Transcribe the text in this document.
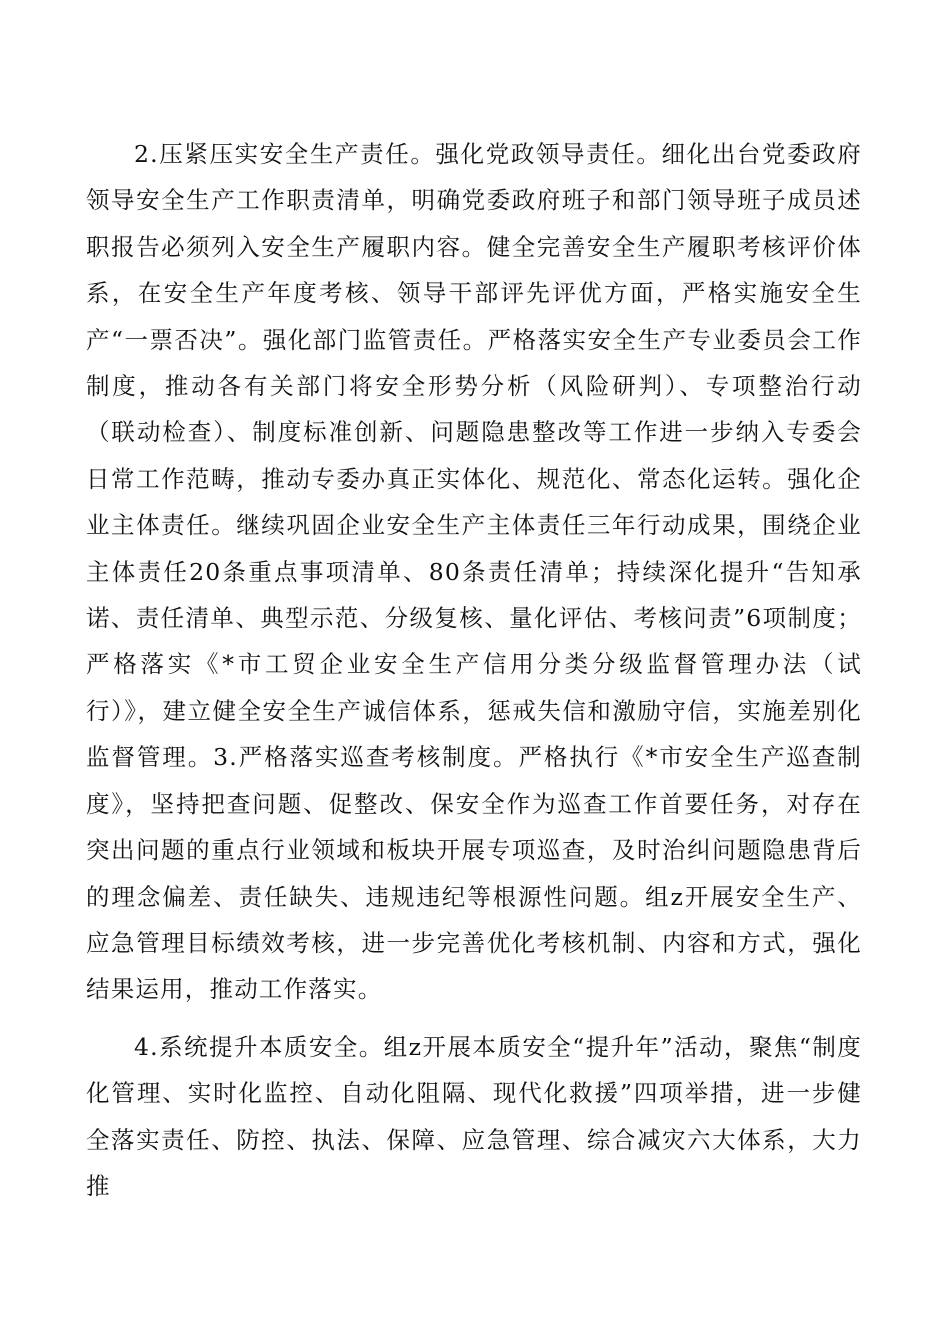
2.压紧压实安全生产责任。强化党政领导责任。细化出台党委政府领导安全生产工作职责清单，明确党委政府班子和部门领导班子成员述职报告必须列入安全生产履职内容。健全完善安全生产履职考核评价体系，在安全生产年度考核、领导干部评先评优方面，严格实施安全生产“一票否决”。强化部门监管责任。严格落实安全生产专业委员会工作制度，推动各有关部门将安全形势分析（风险研判）、专项整治行动（联动检查）、制度标准创新、问题隐患整改等工作进一步纳入专委会日常工作范畴，推动专委办真正实体化、规范化、常态化运转。强化企业主体责任。继续巩固企业安全生产主体责任三年行动成果，围绕企业主体责任20条重点事项清单、80条责任清单；持续深化提升“告知承诺、责任清单、典型示范、分级复核、量化评估、考核问责”6项制度；严格落实《*市工贸企业安全生产信用分类分级监督管理办法（试行）》，建立健全安全生产诚信体系，惩戒失信和激励守信，实施差别化监督管理。3.严格落实巡查考核制度。严格执行《*市安全生产巡查制度》，坚持把查问题、促整改、保安全作为巡查工作首要任务，对存在突出问题的重点行业领域和板块开展专项巡查，及时治纠问题隐患背后的理念偏差、责任缺失、违规违纪等根源性问题。组z开展安全生产、应急管理目标绩效考核，进一步完善优化考核机制、内容和方式，强化结果运用，推动工作落实。

4.系统提升本质安全。组z开展本质安全“提升年”活动，聚焦“制度化管理、实时化监控、自动化阻隔、现代化救援”四项举措，进一步健全落实责任、防控、执法、保障、应急管理、综合减灾六大体系，大力推
